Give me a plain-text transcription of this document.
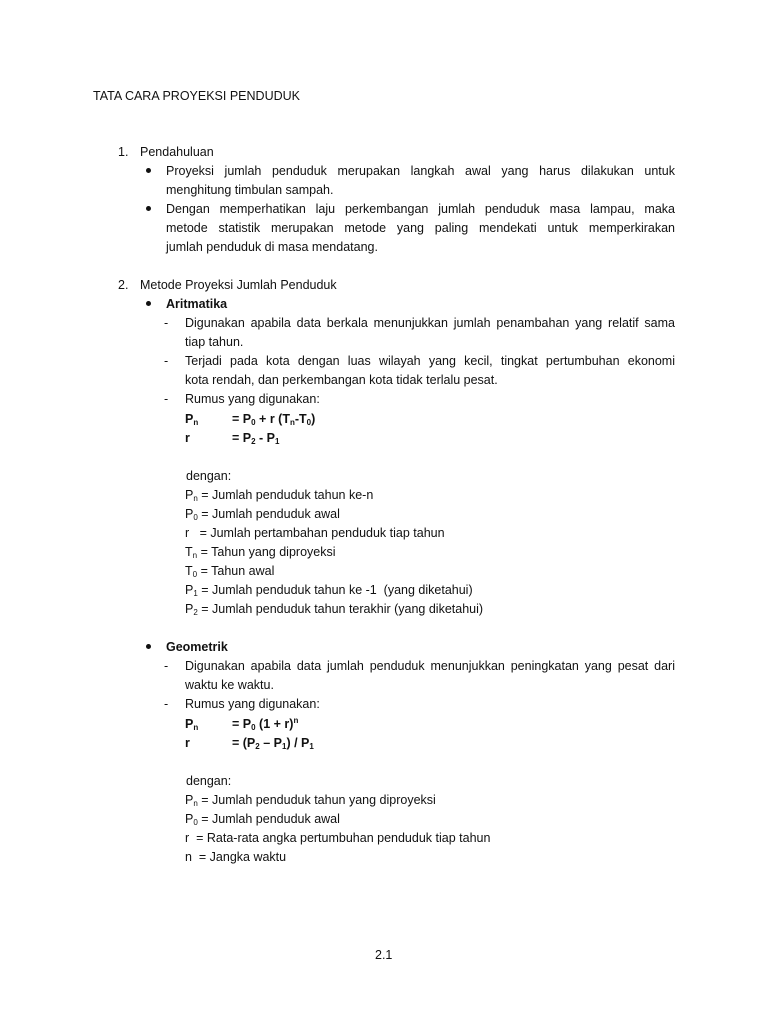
TATA CARA PROYEKSI PENDUDUK
1. Pendahuluan
Proyeksi jumlah penduduk merupakan langkah awal yang harus dilakukan untuk
menghitung timbulan sampah.
Dengan memperhatikan laju perkembangan jumlah penduduk masa lampau, maka
metode statistik merupakan metode yang paling mendekati untuk memperkirakan
jumlah penduduk di masa mendatang.
2. Metode Proyeksi Jumlah Penduduk
Aritmatika
- Digunakan apabila data berkala menunjukkan jumlah penambahan yang relatif sama
tiap tahun.
- Terjadi pada kota dengan luas wilayah yang kecil, tingkat pertumbuhan ekonomi
kota rendah, dan perkembangan kota tidak terlalu pesat.
- Rumus yang digunakan:
$P_n$	= $P_0 + r$ $(T_n-T_0)$
r	= $P_2 - P_1$
dengan:
$P_n$ = Jumlah penduduk tahun ke-n
$P_0$ = Jumlah penduduk awal
r   = Jumlah pertambahan penduduk tiap tahun
$T_n$ = Tahun yang diproyeksi
$T_0$ = Tahun awal
$P_1$ = Jumlah penduduk tahun ke -1  (yang diketahui)
$P_2$ = Jumlah penduduk tahun terakhir (yang diketahui)
Geometrik
- Digunakan apabila data jumlah penduduk menunjukkan peningkatan yang pesat dari
waktu ke waktu.
- Rumus yang digunakan:
$P_n$	= $P_0$ $(1 + r)^n$
r	= $(P_2 - P_1) / P_1$
dengan:
$P_n$ = Jumlah penduduk tahun yang diproyeksi
$P_0$ = Jumlah penduduk awal
r  = Rata-rata angka pertumbuhan penduduk tiap tahun
n  = Jangka waktu
2.1
